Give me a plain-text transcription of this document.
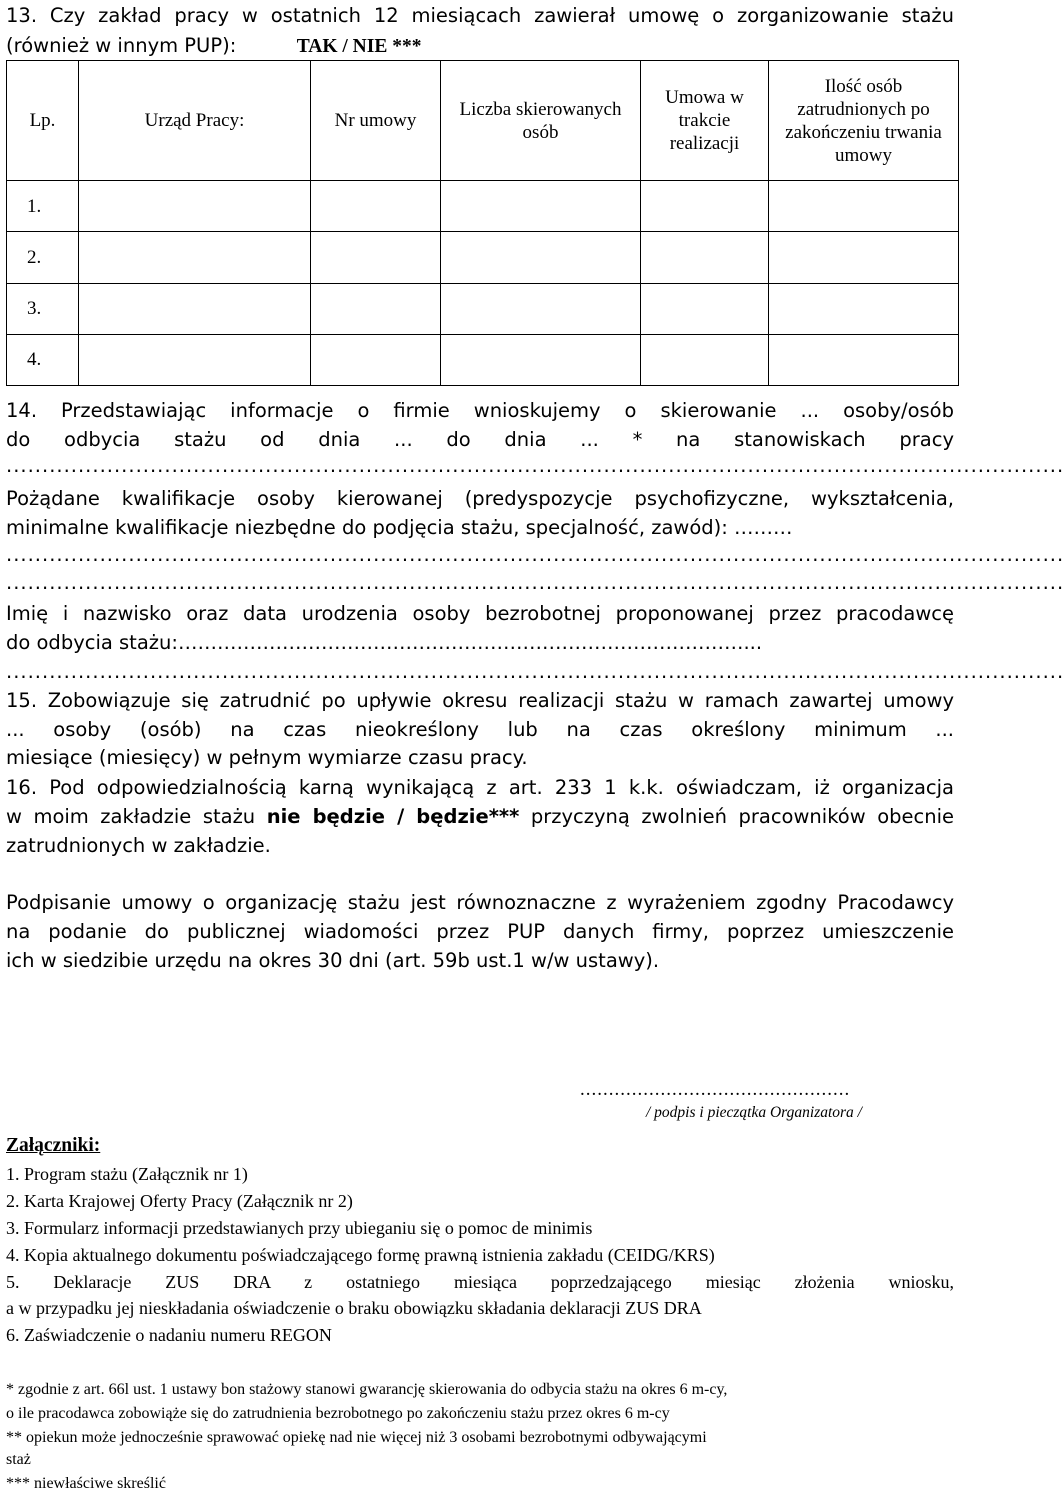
13. Czy zakład pracy w ostatnich 12 miesiącach zawierał umowę o zorganizowanie stażu
(również w innym PUP):	TAK / NIE ***
Lp.	Urząd Pracy:	Nr umowy	Liczba skierowanych osób	Umowa w trakcie realizacji	Ilość osób zatrudnionych po zakończeniu trwania umowy
1.					
2.					
3.					
4.					
14. Przedstawiając informacje o firmie wnioskujemy o skierowanie ... osoby/osób
do odbycia stażu od dnia ... do dnia ... * na stanowiskach pracy
...................................................................................................................................................
Pożądane kwalifikacje osoby kierowanej (predyspozycje psychofizyczne, wykształcenia,
minimalne kwalifikacje niezbędne do podjęcia stażu, specjalność, zawód): ………
...................................................................................................................................................
...................................................................................................................................................
Imię i nazwisko oraz data urodzenia osoby bezrobotnej proponowanej przez pracodawcę
do odbycia stażu:……………………………………………………………………………...
...................................................................................................................................................
15. Zobowiązuje się zatrudnić po upływie okresu realizacji stażu w ramach zawartej umowy
... osoby (osób) na czas nieokreślony lub na czas określony minimum ...
miesiące (miesięcy) w pełnym wymiarze czasu pracy.
16. Pod odpowiedzialnością karną wynikającą z art. 233 1 k.k. oświadczam, iż organizacja
w moim zakładzie stażu nie będzie / będzie*** przyczyną zwolnień pracowników obecnie
zatrudnionych w zakładzie.
Podpisanie umowy o organizację stażu jest równoznaczne z wyrażeniem zgodny Pracodawcy
na podanie do publicznej wiadomości przez PUP danych firmy, poprzez umieszczenie
ich w siedzibie urzędu na okres 30 dni (art. 59b ust.1 w/w ustawy).
...............................................
/ podpis i pieczątka Organizatora /
Załączniki:
1. Program stażu (Załącznik nr 1)
2. Karta Krajowej Oferty Pracy (Załącznik nr 2)
3. Formularz informacji przedstawianych przy ubieganiu się o pomoc de minimis
4. Kopia aktualnego dokumentu poświadczającego formę prawną istnienia zakładu (CEIDG/KRS)
5. Deklaracje ZUS DRA z ostatniego miesiąca poprzedzającego miesiąc złożenia wniosku,
a w przypadku jej nieskładania oświadczenie o braku obowiązku składania deklaracji ZUS DRA
6. Zaświadczenie o nadaniu numeru REGON
* zgodnie z art. 66l ust. 1 ustawy bon stażowy stanowi gwarancję skierowania do odbycia stażu na okres 6 m-cy,
o ile pracodawca zobowiąże się do zatrudnienia bezrobotnego po zakończeniu stażu przez okres 6 m-cy
** opiekun może jednocześnie sprawować opiekę nad nie więcej niż 3 osobami bezrobotnymi odbywającymi
staż
*** niewłaściwe skreślić
